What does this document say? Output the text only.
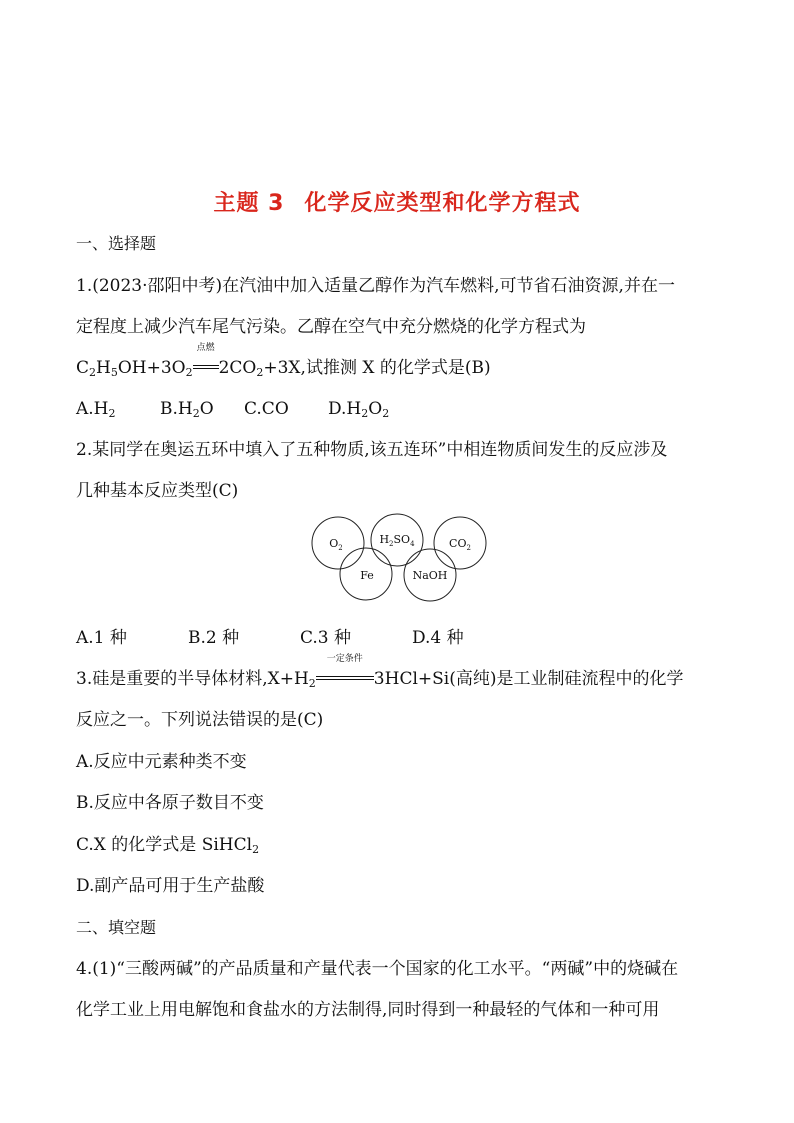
主题 3 化学反应类型和化学方程式
一、选择题
1.(2023·邵阳中考)在汽油中加入适量乙醇作为汽车燃料,可节省石油资源,并在一
定程度上减少汽车尾气污染。乙醇在空气中充分燃烧的化学方程式为
$C_2H_5OH+3O_2$
点燃
$2CO_2+3X$,试推测 X 的化学式是(B)
$A.H_2$	$B.H_2O$ C.CO $D.H_2O_2$
2.某同学在奥运五环中填入了五种物质,该五连环”中相连物质间发生的反应涉及
几种基本反应类型(C)
$O_2$
$H_2SO_4$	$CO_2$
Fe	NaOH
A.1 种	B.2 种	C.3 种	D.4 种
3.硅是重要的半导体材料$,X+H_2$
一定条件
3HCl+Si(高纯)是工业制硅流程中的化学
反应之一。下列说法错误的是(C)
A.反应中元素种类不变
B.反应中各原子数目不变
C.X 的化学式是 SiHCl$_2$
D.副产品可用于生产盐酸
二、填空题
4.(1)“三酸两碱”的产品质量和产量代表一个国家的化工水平。“两碱”中的烧碱在
化学工业上用电解饱和食盐水的方法制得,同时得到一种最轻的气体和一种可用
